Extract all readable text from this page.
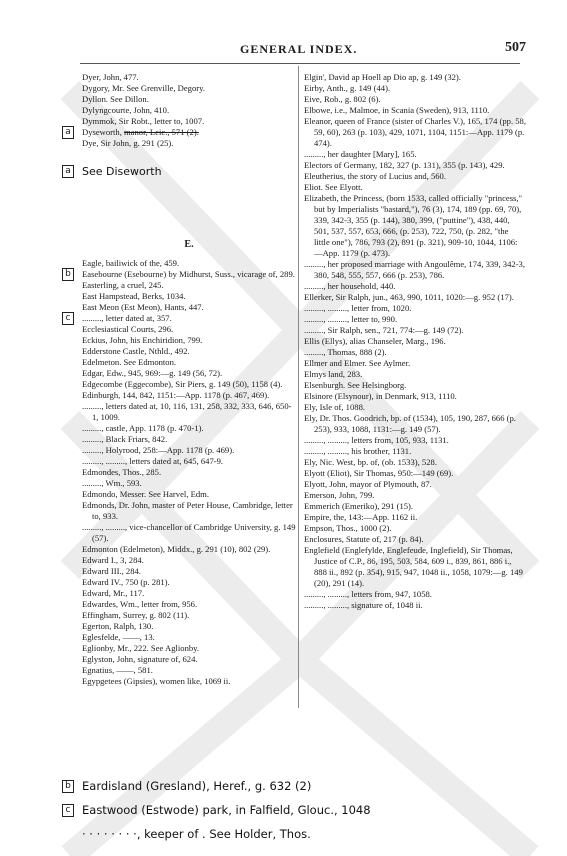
GENERAL INDEX.	507

Dyer, John, 477.

Dygory, Mr. See Grenville, Degory.

Dyllon. See Dillon.

Dylyngcourte, John, 410.

Dymmok, Sir Robt., letter to, 1007.

a	Dyseworth, manor, Leic., 571 (2).

Dye, Sir John, g. 291 (25).

a See Diseworth

E.

Eagle, bailiwick of the, 459.

b	Easebourne (Esebourne) by Midhurst, Suss., vicarage of, 289.

Easterling, a cruel, 245.

East Hampstead, Berks, 1034.

East Meon (Est Meon), Hants, 447.

c	........., letter dated at, 357.

Ecclesiastical Courts, 296.

Eckius, John, his Enchiridion, 799.

Edderstone Castle, Nthld., 492.

Edelmeton. See Edmonton.

Edgar, Edw., 945, 969:—g. 149 (56, 72).

Edgecombe (Eggecombe), Sir Piers, g. 149 (50), 1158 (4).

Edinburgh, 144, 842, 1151:—App. 1178 (p. 467, 469).

........., letters dated at, 10, 116, 131, 258, 332, 333, 646, 650-1, 1009.

........., castle, App. 1178 (p. 470-1).

........., Black Friars, 842.

........., Holyrood, 258:—App. 1178 (p. 469).

........., ........., letters dated at, 645, 647-9.

Edmondes, Thos., 285.

........., Wm., 593.

Edmondo, Messer. See Harvel, Edm.

Edmonds, Dr. John, master of Peter House, Cambridge, letter to, 933.

........., ........., vice-chancellor of Cambridge University, g. 149 (57).

Edmonton (Edelmeton), Middx., g. 291 (10), 802 (29).

Edward I., 3, 284.

Edward III., 284.

Edward IV., 750 (p. 281).

Edward, Mr., 117.

Edwardes, Wm., letter from, 956.

Effingham, Surrey, g. 802 (11).

Egerton, Ralph, 130.

Eglesfelde, ——, 13.

Eglionby, Mr., 222. See Aglionby.

Eglyston, John, signature of, 624.

Egnatius, ——, 581.

Egypgetees (Gipsies), women like, 1069 ii.

Elgin', David ap Hoell ap Dio ap, g. 149 (32).

Eirby, Anth., g. 149 (44).

Eive, Rob., g. 802 (6).

Elbowe, i.e., Malmoe, in Scania (Sweden), 913, 1110.

Eleanor, queen of France (sister of Charles V.), 165, 174 (pp. 58, 59, 60), 263 (p. 103), 429, 1071, 1104, 1151:—App. 1179 (p. 474).

........., her daughter [Mary], 165.

Electors of Germany, 182, 327 (p. 131), 355 (p. 143), 429.

Eleutherius, the story of Lucius and, 560.

Eliot. See Elyott.

Elizabeth, the Princess, (born 1533, called officially "princess," but by Imperialists "bastard,"), 76 (3), 174, 189 (pp. 69, 70), 339, 342-3, 355 (p. 144), 380, 399, ("puttine"), 438, 440, 501, 537, 557, 653, 666, (p. 253), 722, 750, (p. 282, "the little one"), 786, 793 (2), 891 (p. 321), 909-10, 1044, 1106:—App. 1179 (p. 473).

........., her proposed marriage with Angoulême, 174, 339, 342-3, 380, 548, 555, 557, 666 (p. 253), 786.

........., her household, 440.

Ellerker, Sir Ralph, jun., 463, 990, 1011, 1020:—g. 952 (17).

........., ........., letter from, 1020.

........., ........., letter to, 990.

........., Sir Ralph, sen., 721, 774:—g. 149 (72).

Ellis (Ellys), alias Chanseler, Marg., 196.

........., Thomas, 888 (2).

Ellmer and Elmer. See Aylmer.

Elmys land, 283.

Elsenburgh. See Helsingborg.

Elsinore (Elsynour), in Denmark, 913, 1110.

Ely, Isle of, 1088.

Ely, Dr. Thos. Goodrich, bp. of (1534), 105, 190, 287, 666 (p. 253), 933, 1088, 1131:—g. 149 (57).

........., ........., letters from, 105, 933, 1131.

........., ........., his brother, 1131.

Ely, Nic. West, bp. of, (ob. 1533), 528.

Elyott (Eliot), Sir Thomas, 950:—149 (69).

Elyott, John, mayor of Plymouth, 87.

Emerson, John, 799.

Emmerich (Emeriko), 291 (15).

Empire, the, 143:—App. 1162 ii.

Empson, Thos., 1000 (2).

Enclosures, Statute of, 217 (p. 84).

Englefield (Englefylde, Englefeude, Inglefield), Sir Thomas, Justice of C.P., 86, 195, 503, 584, 609 i., 839, 861, 886 i., 888 ii., 892 (p. 354), 915, 947, 1048 ii., 1058, 1079:—g. 149 (20), 291 (14).

........., ........., letters from, 947, 1058.

........., ........., signature of, 1048 ii.

b Eardisland (Gresland), Heref., g. 632 (2)
c	Eastwood (Estwode) park, in Falfield, Glouc., 1048
· · · · · · · ·, keeper of . See Holder, Thos.
